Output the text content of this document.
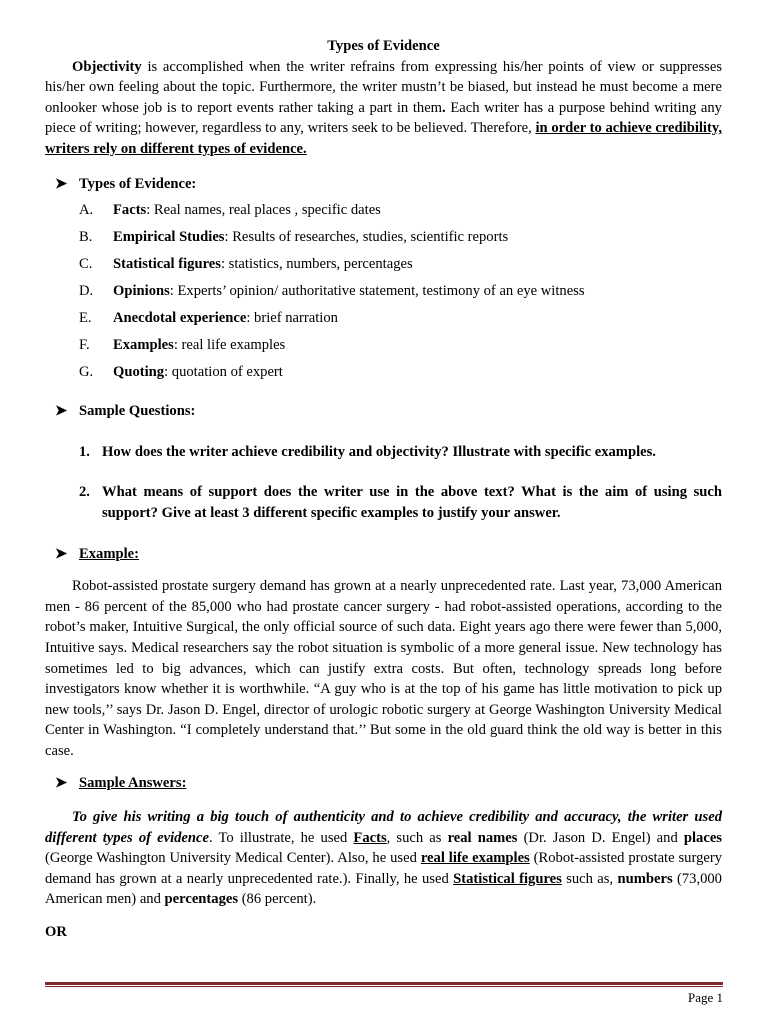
Types of Evidence

Objectivity is accomplished when the writer refrains from expressing his/her points of view or suppresses his/her own feeling about the topic. Furthermore, the writer mustn’t be biased, but instead he must become a mere onlooker whose job is to report events rather taking a part in them. Each writer has a purpose behind writing any piece of writing; however, regardless to any, writers seek to be believed. Therefore, in order to achieve credibility, writers rely on different types of evidence.

➤ Types of Evidence:

A. Facts: Real names, real places , specific dates
B. Empirical Studies: Results of researches, studies, scientific reports
C. Statistical figures: statistics, numbers, percentages
D. Opinions: Experts’ opinion/ authoritative statement, testimony of an eye witness
E. Anecdotal experience: brief narration
F. Examples: real life examples
G. Quoting: quotation of expert

➤ Sample Questions:

1. How does the writer achieve credibility and objectivity? Illustrate with specific examples.
2. What means of support does the writer use in the above text? What is the aim of using such support? Give at least 3 different specific examples to justify your answer.

➤ Example:

Robot-assisted prostate surgery demand has grown at a nearly unprecedented rate. Last year, 73,000 American men - 86 percent of the 85,000 who had prostate cancer surgery - had robot-assisted operations, according to the robot’s maker, Intuitive Surgical, the only official source of such data. Eight years ago there were fewer than 5,000, Intuitive says. Medical researchers say the robot situation is symbolic of a more general issue. New technology has sometimes led to big advances, which can justify extra costs. But often, technology spreads long before investigators know whether it is worthwhile. “A guy who is at the top of his game has little motivation to pick up new tools,’’ says Dr. Jason D. Engel, director of urologic robotic surgery at George Washington University Medical Center in Washington. “I completely understand that.’’ But some in the old guard think the old way is better in this case.

➤ Sample Answers:

To give his writing a big touch of authenticity and to achieve credibility and accuracy, the writer used different types of evidence. To illustrate, he used Facts, such as real names (Dr. Jason D. Engel) and places (George Washington University Medical Center). Also, he used real life examples (Robot-assisted prostate surgery demand has grown at a nearly unprecedented rate.). Finally, he used Statistical figures such as, numbers (73,000 American men) and percentages (86 percent).

OR

Page 1
